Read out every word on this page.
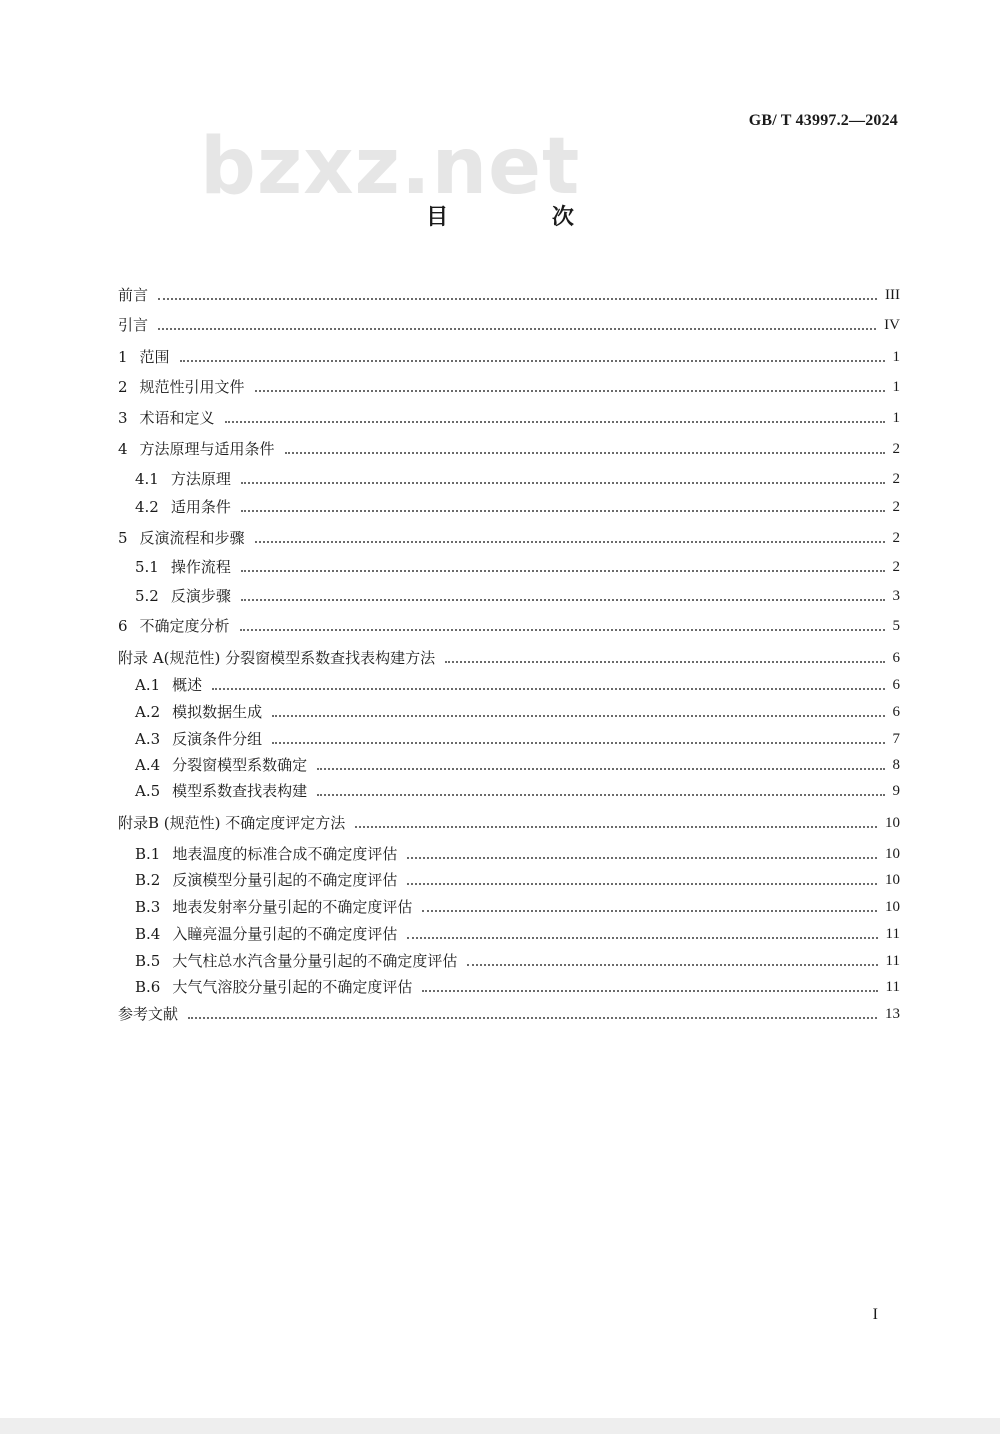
GB/ T 43997.2—2024
bzxz.net
目 次
前言	III
引言	IV
1 范围	1
2 规范性引用文件	1
3 术语和定义	1
4 方法原理与适用条件	2
4.1 方法原理	2
4.2 适用条件	2
5 反演流程和步骤	2
5.1 操作流程	2
5.2 反演步骤	3
6 不确定度分析	5
附录 A(规范性) 分裂窗模型系数查找表构建方法	6
A.1 概述	6
A.2 模拟数据生成	6
A.3 反演条件分组	7
A.4 分裂窗模型系数确定	8
A.5 模型系数查找表构建	9
附录B (规范性) 不确定度评定方法	10
B.1 地表温度的标准合成不确定度评估	10
B.2 反演模型分量引起的不确定度评估	10
B.3 地表发射率分量引起的不确定度评估	10
B.4 入瞳亮温分量引起的不确定度评估	11
B.5 大气柱总水汽含量分量引起的不确定度评估	11
B.6 大气气溶胶分量引起的不确定度评估	11
参考文献	13
I
